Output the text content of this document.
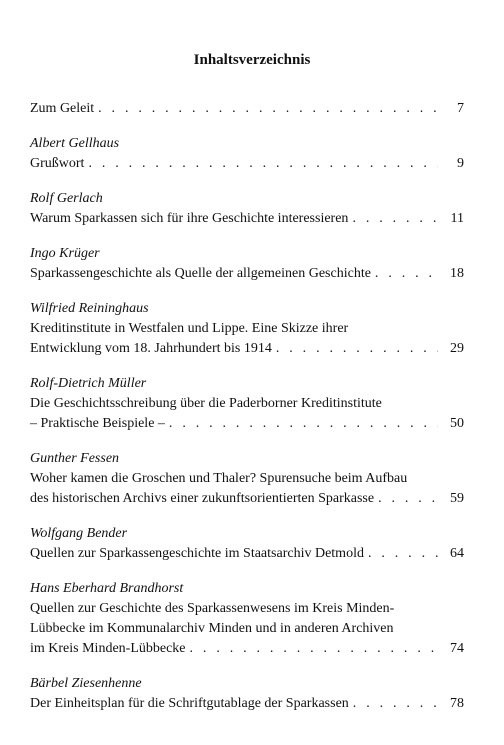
Inhaltsverzeichnis
Zum Geleit . . .	7
Albert Gellhaus
Grußwort . . .	9
Rolf Gerlach
Warum Sparkassen sich für ihre Geschichte interessieren . . .	11
Ingo Krüger
Sparkassengeschichte als Quelle der allgemeinen Geschichte . . .	18
Wilfried Reininghaus
Kreditinstitute in Westfalen und Lippe. Eine Skizze ihrer
Entwicklung vom 18. Jahrhundert bis 1914 . . .	29
Rolf-Dietrich Müller
Die Geschichtsschreibung über die Paderborner Kreditinstitute
– Praktische Beispiele – . . .	50
Gunther Fessen
Woher kamen die Groschen und Thaler? Spurensuche beim Aufbau
des historischen Archivs einer zukunftsorientierten Sparkasse . . .	59
Wolfgang Bender
Quellen zur Sparkassengeschichte im Staatsarchiv Detmold . . .	64
Hans Eberhard Brandhorst
Quellen zur Geschichte des Sparkassenwesens im Kreis Minden-
Lübbecke im Kommunalarchiv Minden und in anderen Archiven
im Kreis Minden-Lübbecke . . .	74
Bärbel Ziesenhenne
Der Einheitsplan für die Schriftgutablage der Sparkassen . . .	78
